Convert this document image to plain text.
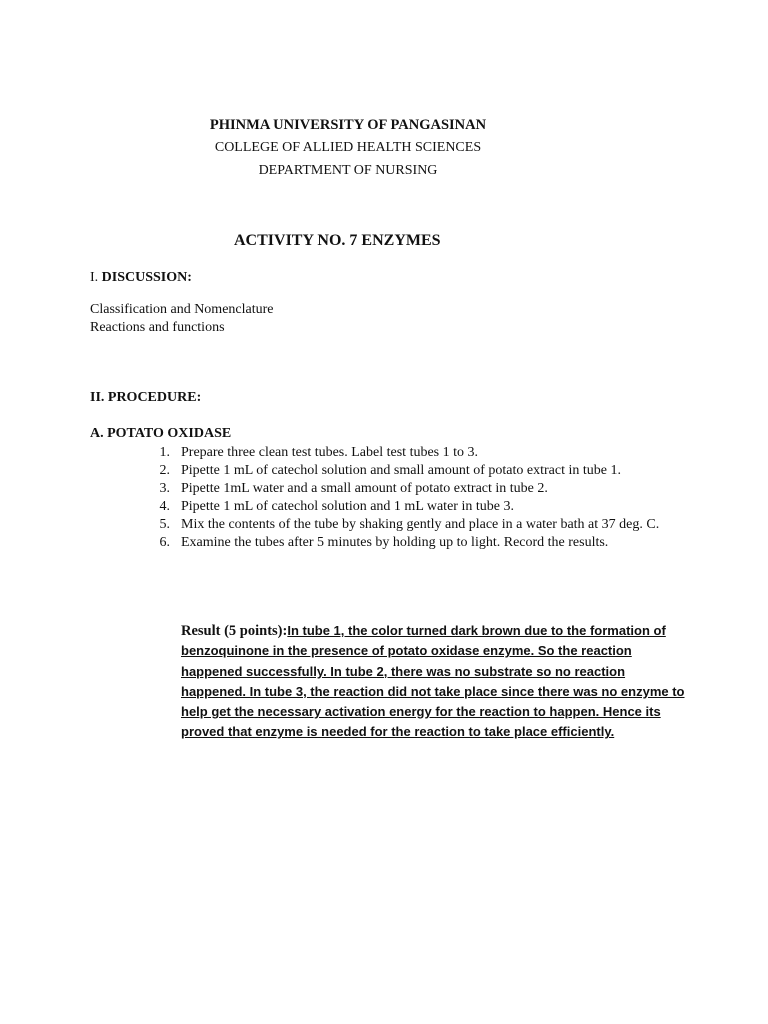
PHINMA UNIVERSITY OF PANGASINAN
COLLEGE OF ALLIED HEALTH SCIENCES
DEPARTMENT OF NURSING
ACTIVITY NO. 7 ENZYMES
I. DISCUSSION:
Classification and Nomenclature
Reactions and functions
II. PROCEDURE:
A. POTATO OXIDASE
1. Prepare three clean test tubes. Label test tubes 1 to 3.
2. Pipette 1 mL of catechol solution and small amount of potato extract in tube 1.
3. Pipette 1mL water and a small amount of potato extract in tube 2.
4. Pipette 1 mL of catechol solution and 1 mL water in tube 3.
5. Mix the contents of the tube by shaking gently and place in a water bath at 37 deg. C.
6. Examine the tubes after 5 minutes by holding up to light. Record the results.
Result (5 points):In tube 1, the color turned dark brown due to the formation of benzoquinone in the presence of potato oxidase enzyme. So the reaction happened successfully. In tube 2, there was no substrate so no reaction happened. In tube 3, the reaction did not take place since there was no enzyme to help get the necessary activation energy for the reaction to happen. Hence its proved that enzyme is needed for the reaction to take place efficiently.
